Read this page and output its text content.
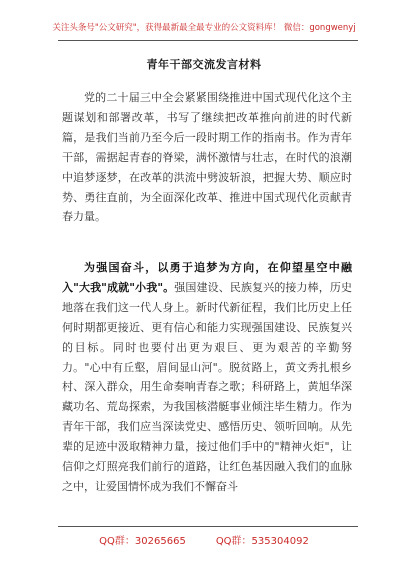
关注头条号"公文研究"，获得最新最全最专业的公文资料库！ 微信：gongwenyj
青年干部交流发言材料

党的二十届三中全会紧紧围绕推进中国式现代化这个主题谋划和部署改革，书写了继续把改革推向前进的时代新篇，是我们当前乃至今后一段时期工作的指南书。作为青年干部，需据起青春的脊梁，满怀激情与壮志，在时代的浪潮中追梦逐梦，在改革的洪流中劈波斩浪，把握大势、顺应时势、勇往直前，为全面深化改革、推进中国式现代化贡献青春力量。

为强国奋斗，以勇于追梦为方向，在仰望星空中融入"大我"成就"小我"。强国建设、民族复兴的接力棒，历史地落在我们这一代人身上。新时代新征程，我们比历史上任何时期都更接近、更有信心和能力实现强国建设、民族复兴的目标。同时也要付出更为艰巨、更为艰苦的辛勤努力。"心中有丘壑，眉间显山河"。脱贫路上，黄文秀扎根乡村、深入群众，用生命奏响青春之歌；科研路上，黄旭华深藏功名、荒岛探索，为我国核潜艇事业倾注毕生精力。作为青年干部，我们应当深读党史、感悟历史、领听回响。从先辈的足迹中汲取精神力量，接过他们手中的"精神火炬"，让信仰之灯照亮我们前行的道路，让红色基因融入我们的血脉之中，让爱国情怀成为我们不懈奋斗

QQ群：30265665	QQ群：535304092
